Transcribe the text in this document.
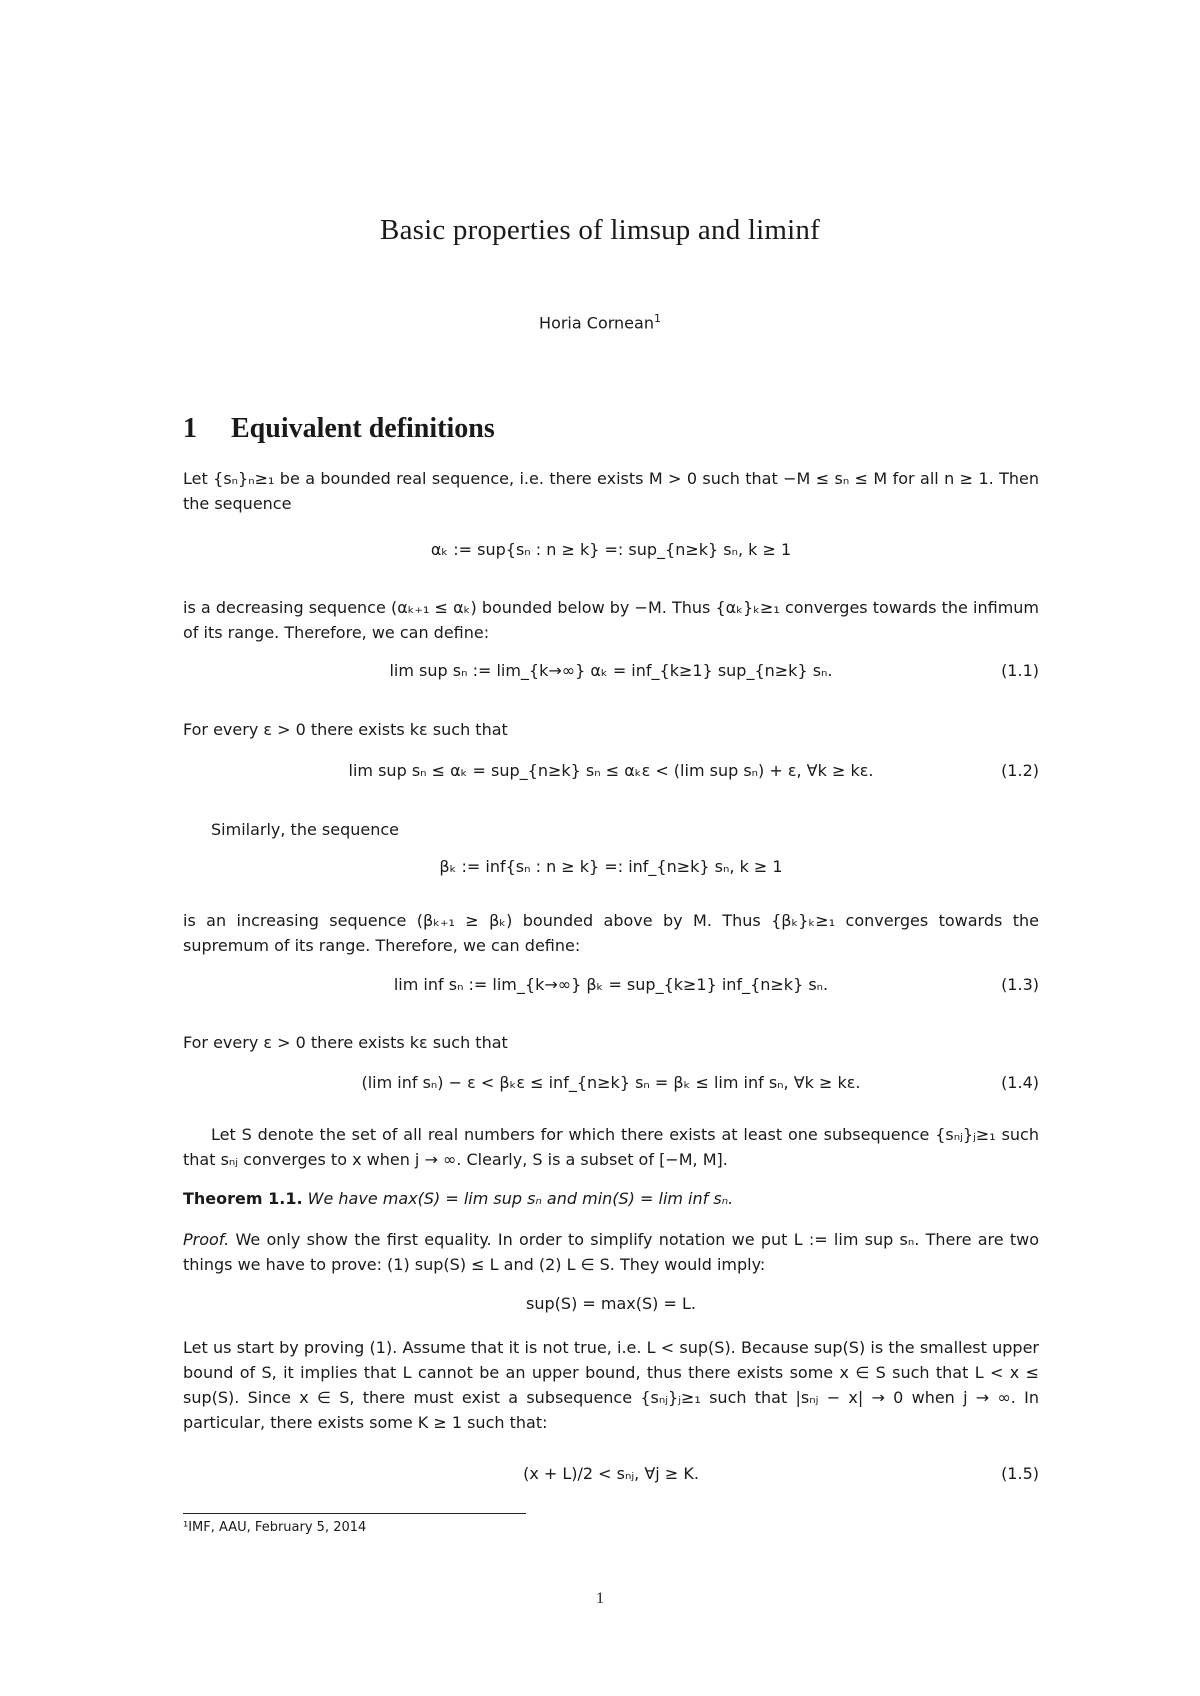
Basic properties of limsup and liminf
Horia Cornean$^1$
1 Equivalent definitions
Let {sₙ}ₙ≥₁ be a bounded real sequence, i.e. there exists M > 0 such that −M ≤ sₙ ≤ M for all n ≥ 1. Then the sequence
αₖ := sup{sₙ : n ≥ k} =: sup_{n≥k} sₙ, k ≥ 1
is a decreasing sequence (αₖ₊₁ ≤ αₖ) bounded below by −M. Thus {αₖ}ₖ≥₁ converges towards the infimum of its range. Therefore, we can define:
lim sup sₙ := lim_{k→∞} αₖ = inf_{k≥1} sup_{n≥k} sₙ.	(1.1)
For every ε > 0 there exists kε such that
lim sup sₙ ≤ αₖ = sup_{n≥k} sₙ ≤ αₖε < (lim sup sₙ) + ε, ∀k ≥ kε.	(1.2)
Similarly, the sequence
βₖ := inf{sₙ : n ≥ k} =: inf_{n≥k} sₙ, k ≥ 1
is an increasing sequence (βₖ₊₁ ≥ βₖ) bounded above by M. Thus {βₖ}ₖ≥₁ converges towards the supremum of its range. Therefore, we can define:
lim inf sₙ := lim_{k→∞} βₖ = sup_{k≥1} inf_{n≥k} sₙ.	(1.3)
For every ε > 0 there exists kε such that
(lim inf sₙ) − ε < βₖε ≤ inf_{n≥k} sₙ = βₖ ≤ lim inf sₙ, ∀k ≥ kε.	(1.4)
Let S denote the set of all real numbers for which there exists at least one subsequence {sₙⱼ}ⱼ≥₁ such that sₙⱼ converges to x when j → ∞. Clearly, S is a subset of [−M, M].
Theorem 1.1. We have max(S) = lim sup sₙ and min(S) = lim inf sₙ.
Proof. We only show the first equality. In order to simplify notation we put L := lim sup sₙ. There are two things we have to prove: (1) sup(S) ≤ L and (2) L ∈ S. They would imply:
sup(S) = max(S) = L.
Let us start by proving (1). Assume that it is not true, i.e. L < sup(S). Because sup(S) is the smallest upper bound of S, it implies that L cannot be an upper bound, thus there exists some x ∈ S such that L < x ≤ sup(S). Since x ∈ S, there must exist a subsequence {sₙⱼ}ⱼ≥₁ such that |sₙⱼ − x| → 0 when j → ∞. In particular, there exists some K ≥ 1 such that:
(x + L)/2 < sₙⱼ, ∀j ≥ K.	(1.5)
¹IMF, AAU, February 5, 2014
1
